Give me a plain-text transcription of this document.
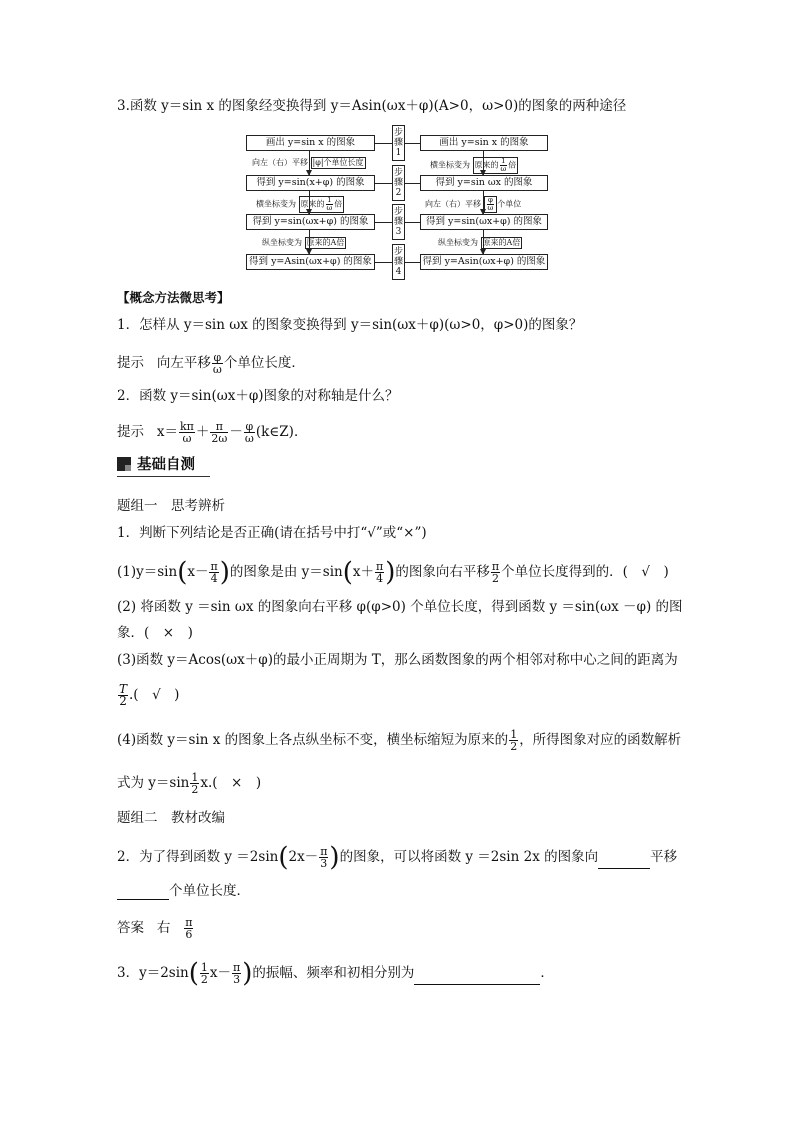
3.函数 y＝sin x 的图象经变换得到 y＝Asin(ωx＋φ)(A>0，ω>0)的图象的两种途径
画出 y=sin x 的图象
得到 y=sin(x+φ) 的图象
得到 y=sin(ωx+φ) 的图象
得到 y=Asin(ωx+φ) 的图象
画出 y=sin x 的图象
得到 y=sin ωx 的图象
得到 y=sin(ωx+φ) 的图象
得到 y=Asin(ωx+φ) 的图象
步骤1
步骤2
步骤3
步骤4
向左（右）平移 |φ|个单位长度
横坐标变为 原来的 $\frac{1}{\omega}$ 倍
纵坐标变为 原来的A倍
横坐标变为 原来的 $\frac{1}{\omega}$ 倍
向左（右）平移 $\frac{\varphi}{\omega}$ 个单位
纵坐标变为 原来的A倍
【概念方法微思考】
1．怎样从 y＝sin ωx 的图象变换得到 y＝sin(ωx＋φ)(ω>0，φ>0)的图象？
提示 向左平移 $\frac{\varphi}{\omega}$ 个单位长度．
2．函数 y＝sin(ωx＋φ)图象的对称轴是什么？
提示 $x= \frac{k\pi}{\omega} + \frac{\pi}{2\omega} - \frac{\varphi}{\omega}$ (k∈Z)．
基础自测
题组一　思考辨析
1．判断下列结论是否正确(请在括号中打“√”或“×”)
$(1)y=\sin(x- \frac{\pi}{4}$ )的图象是由 $y=\sin(x+ \frac{\pi}{4}$ )的图象向右平移 $\frac{\pi}{2}$ 个单位长度得到的．(　√　)
(2) 将函数 y ＝sin ωx 的图象向右平移 φ(φ>0) 个单位长度，得到函数 y ＝sin(ωx －φ) 的图
象．(　×　)
(3)函数 y＝Acos(ωx＋φ)的最小正周期为 T，那么函数图象的两个相邻对称中心之间的距离为
$\frac{T}{2}$ .(　√　)
(4)函数 y＝sin x 的图象上各点纵坐标不变，横坐标缩短为原来的 $\frac{1}{2}$ ，所得图象对应的函数解析
式为 $y=\sin \frac{1}{2} x$.(　×　)
题组二　教材改编
2．为了得到函数 $y =2\sin(2x- \frac{\pi}{3}$ )的图象，可以将函数 y ＝2sin 2x 的图象向	平移
个单位长度．
答案 右 $\frac{\pi}{6}$
3．$y=2\sin( \frac{1}{2} x- \frac{\pi}{3}$ )的振幅、频率和初相分别为	．
